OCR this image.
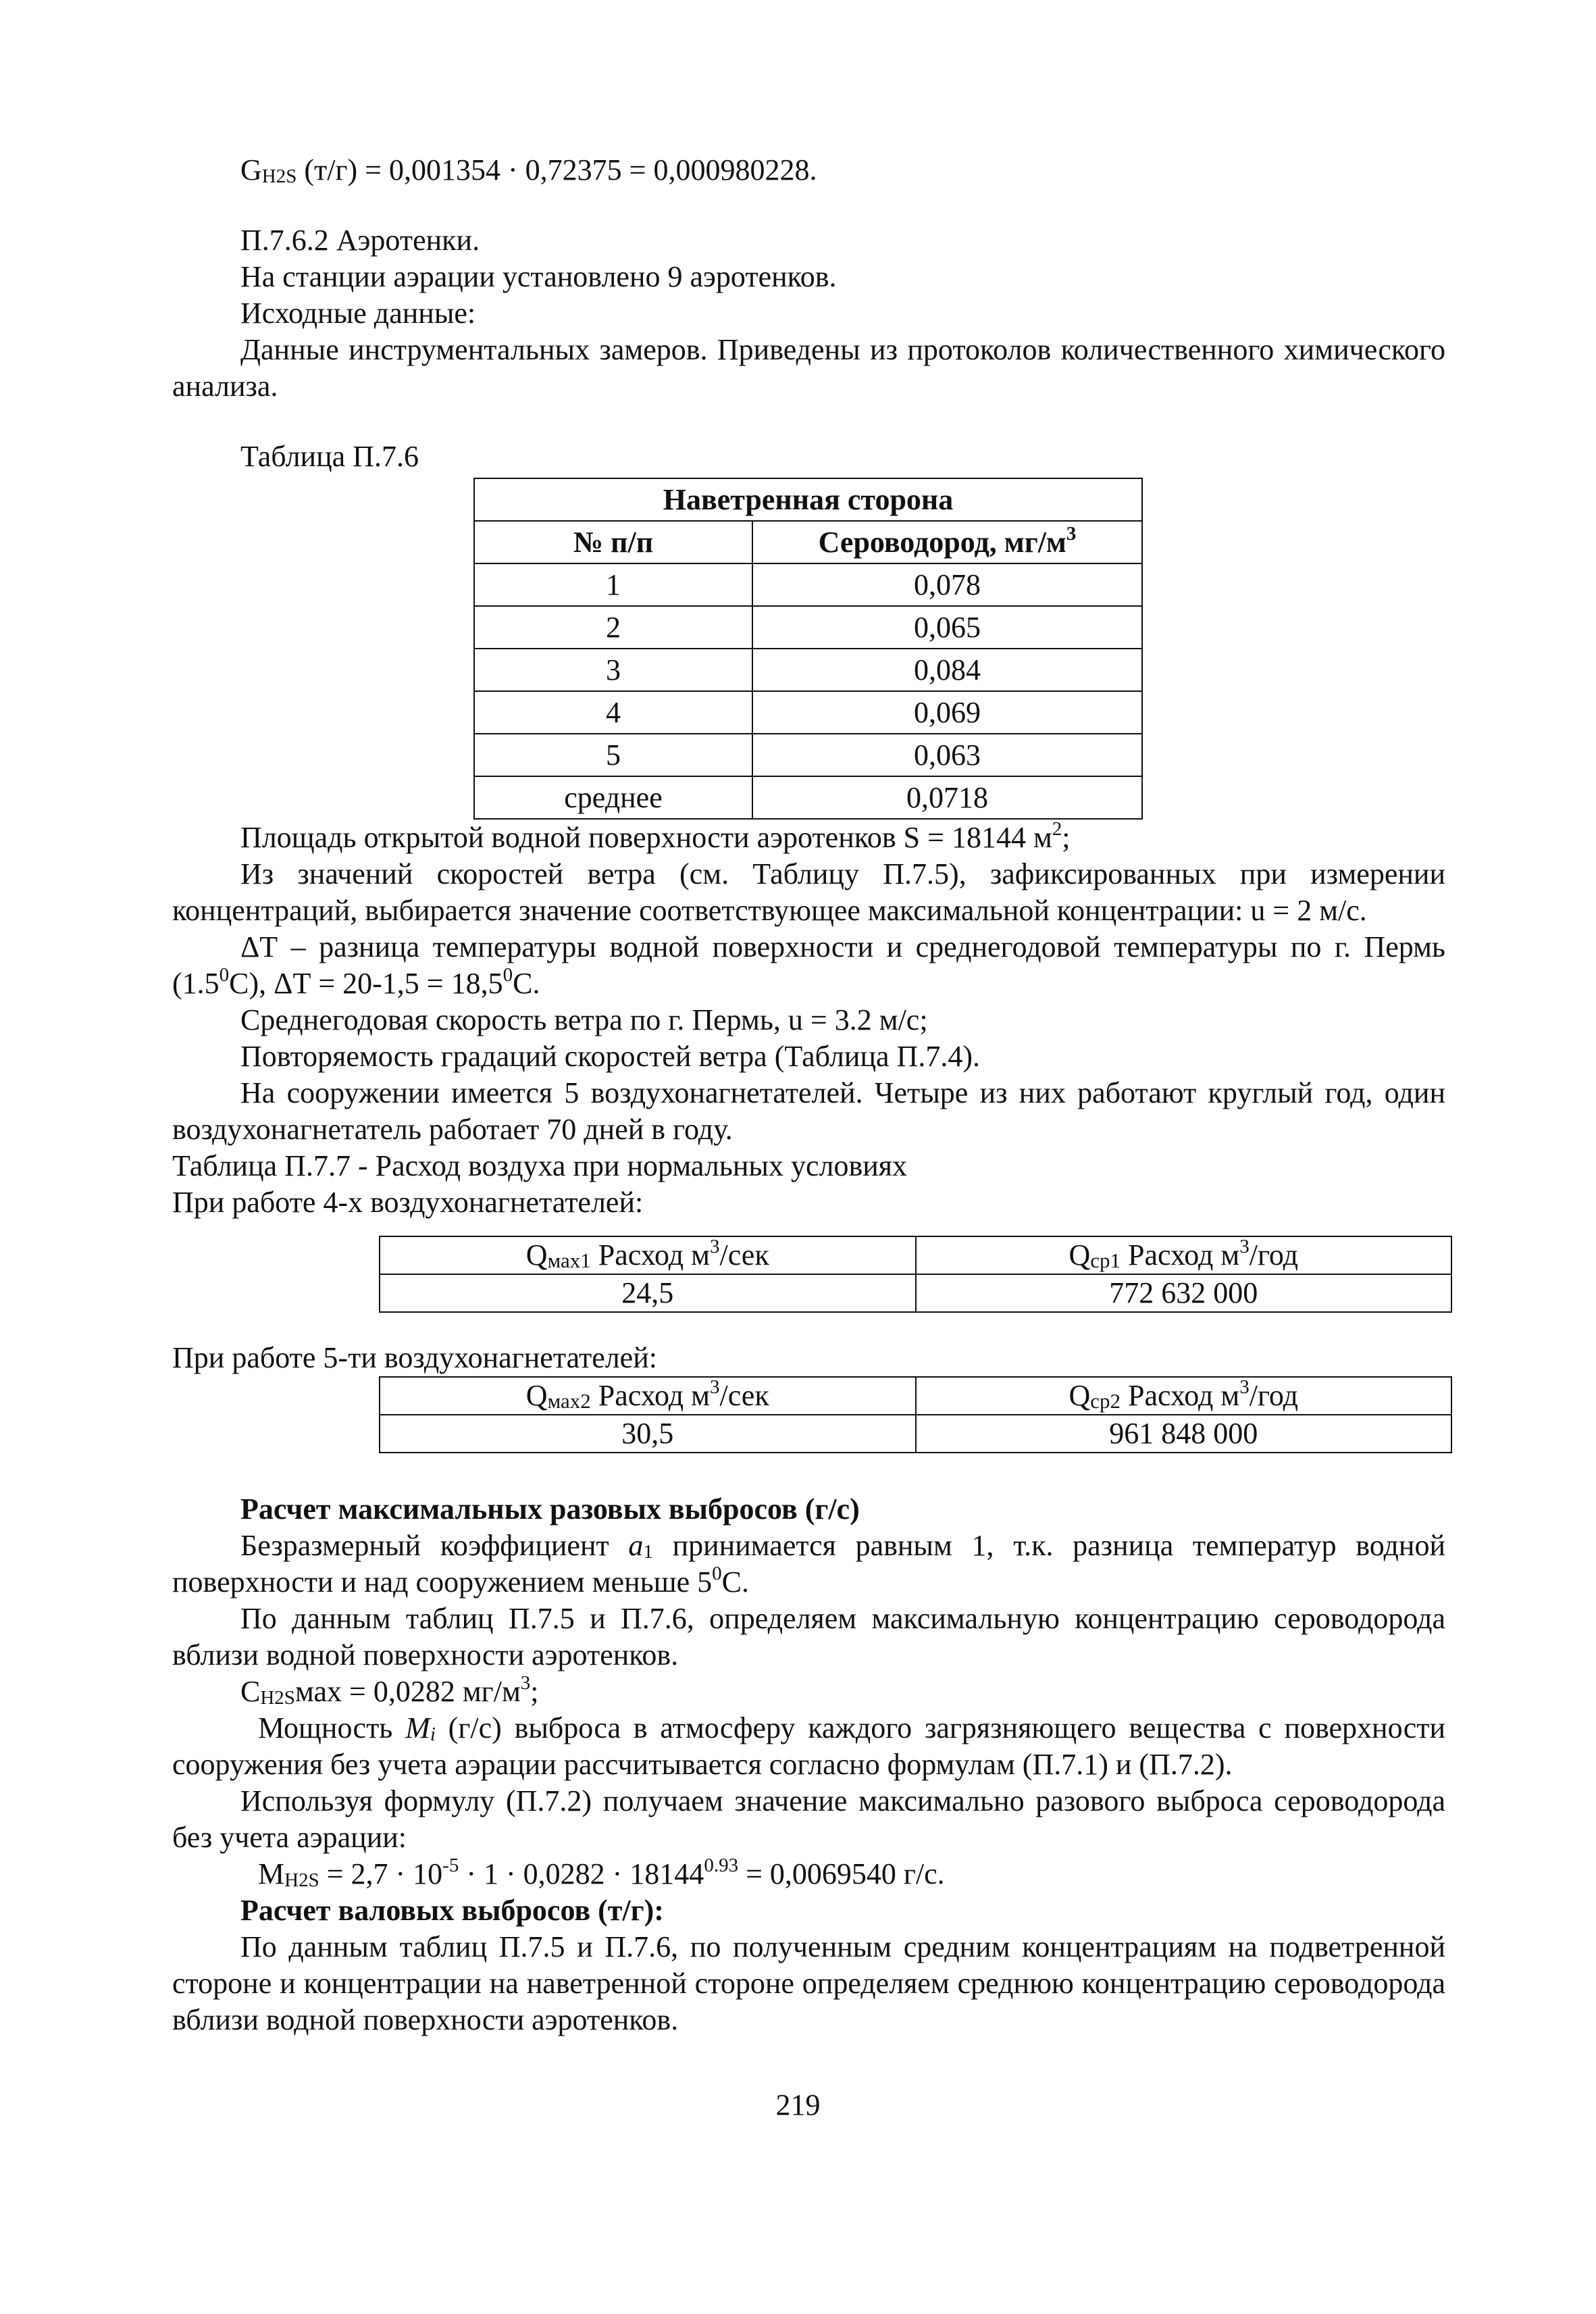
$G_{H2S}$ (т/г) = 0,001354 · 0,72375 = 0,000980228.

П.7.6.2 Аэротенки.

На станции аэрации установлено 9 аэротенков.

Исходные данные:

Данные инструментальных замеров. Приведены из протоколов количественного химического анализа.

Таблица П.7.6

Наветренная сторона	
№ п/п	Сероводород, $мг/м^3$
1	0,078
2	0,065
3	0,084
4	0,069
5	0,063
среднее	0,0718

Площадь открытой водной поверхности аэротенков S = 18144 $м^2$;

Из значений скоростей ветра (см. Таблицу П.7.5), зафиксированных при измерении концентраций, выбирается значение соответствующее максимальной концентрации: u = 2 м/с.

ΔТ – разница температуры водной поверхности и среднегодовой температуры по г. Пермь $(1.5^0С)$, $\Delta Т = 20-1,5 = 18,5^0С$.

Среднегодовая скорость ветра по г. Пермь, u = 3.2 м/с;

Повторяемость градаций скоростей ветра (Таблица П.7.4).

На сооружении имеется 5 воздухонагнетателей. Четыре из них работают круглый год, один воздухонагнетатель работает 70 дней в году.

Таблица П.7.7 - Расход воздуха при нормальных условиях

При работе 4-х воздухонагнетателей:

$Q_{мах1}$ Расход $м^3$/сек	$Q_{ср1}$ Расход $м^3$/год
24,5	772 632 000

При работе 5-ти воздухонагнетателей:

$Q_{мах2}$ Расход $м^3$/сек	$Q_{ср2}$ Расход $м^3$/год
30,5	961 848 000

Расчет максимальных разовых выбросов (г/с)

Безразмерный коэффициент $a_1$ принимается равным 1, т.к. разница температур водной поверхности и над сооружением меньше $5^0С$.

По данным таблиц П.7.5 и П.7.6, определяем максимальную концентрацию сероводорода вблизи водной поверхности аэротенков.

$С_{H2S}мах = 0,0282$ $мг/м^3$;

Мощность $M_i$ (г/с) выброса в атмосферу каждого загрязняющего вещества с поверхности сооружения без учета аэрации рассчитывается согласно формулам (П.7.1) и (П.7.2).

Используя формулу (П.7.2) получаем значение максимально разового выброса сероводорода без учета аэрации:

$М_{H2S} = 2,7 \cdot 10^{-5} \cdot 1 \cdot 0,0282 \cdot 18144^{0.93} = 0,0069540$ г/с.

Расчет валовых выбросов (т/г):

По данным таблиц П.7.5 и П.7.6, по полученным средним концентрациям на подветренной стороне и концентрации на наветренной стороне определяем среднюю концентрацию сероводорода вблизи водной поверхности аэротенков.

219
